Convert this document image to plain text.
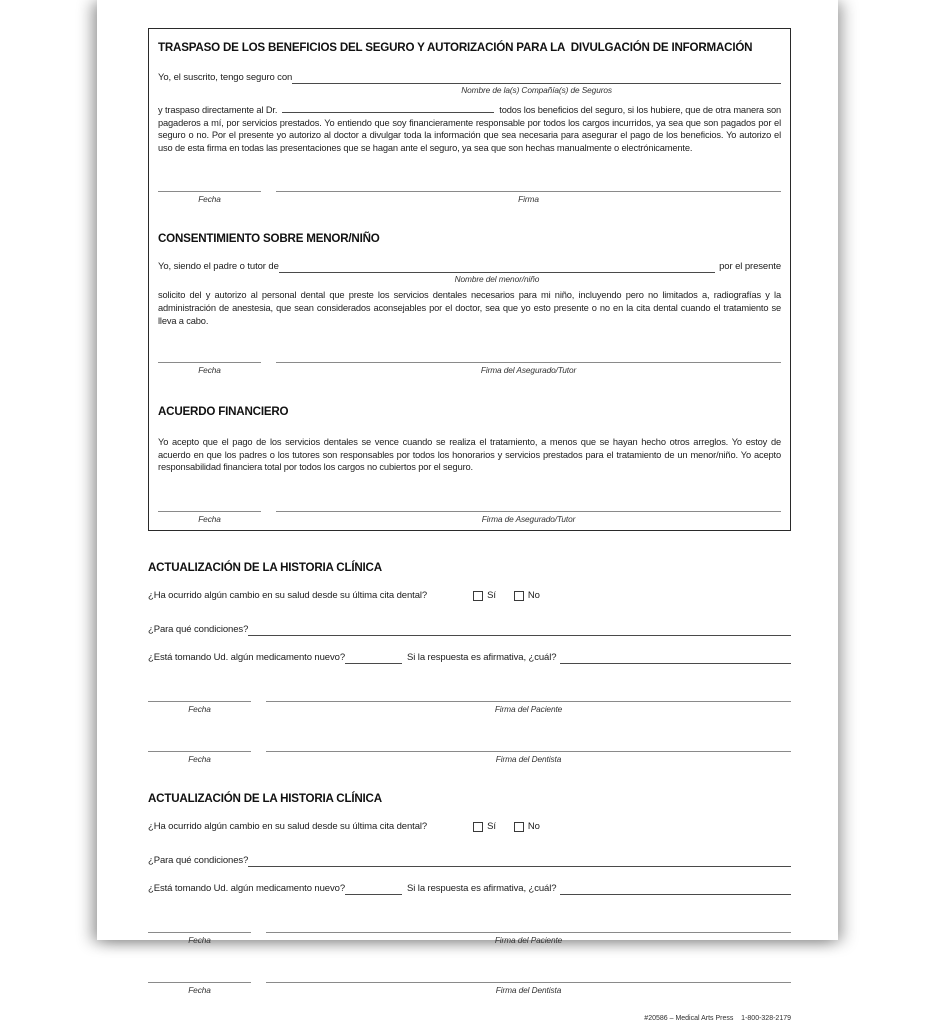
TRASPASO DE LOS BENEFICIOS DEL SEGURO Y AUTORIZACIÓN PARA LA  DIVULGACIÓN DE INFORMACIÓN
Yo, el suscrito, tengo seguro con
Nombre de la(s) Compañía(s) de Seguros

y traspaso directamente al Dr.	todos los beneficios del seguro, si los hubiere, que de otra manera son pagaderos a mí, por servicios prestados. Yo entiendo que soy financieramente responsable por todos los cargos incurridos, ya sea que son pagados por el seguro o no. Por el presente yo autorizo al doctor a divulgar toda la información que sea necesaria para asegurar el pago de los beneficios. Yo autorizo el uso de esta firma en todas las presentaciones que se hagan ante el seguro, ya sea que son hechas manualmente o electrónicamente.

Fecha	Firma
CONSENTIMIENTO SOBRE MENOR/NIÑO
Yo, siendo el padre o tutor de
Nombre del menor/niño
por el presente

solicito del y autorizo al personal dental que preste los servicios dentales necesarios para mi niño, incluyendo pero no limitados a, radiografías y la administración de anestesia, que sean considerados aconsejables por el doctor, sea que yo esto presente o no en la cita dental cuando el tratamiento se lleva a cabo.

Fecha	Firma del Asegurado/Tutor
ACUERDO FINANCIERO

Yo acepto que el pago de los servicios dentales se vence cuando se realiza el tratamiento, a menos que se hayan hecho otros arreglos. Yo estoy de acuerdo en que los padres o los tutores son responsables por todos los honorarios y servicios prestados para el tratamiento de un menor/niño. Yo acepto responsabilidad financiera total por todos los cargos no cubiertos por el seguro.

Fecha	Firma de Asegurado/Tutor
ACTUALIZACIÓN DE LA HISTORIA CLÍNICA
¿Ha ocurrido algún cambio en su salud desde su última cita dental?	Sí	No
¿Para qué condiciones?
¿Está tomando Ud. algún medicamento nuevo?	Si la respuesta es afirmativa, ¿cuál?
Fecha	Firma del Paciente
Fecha	Firma del Dentista
ACTUALIZACIÓN DE LA HISTORIA CLÍNICA
¿Ha ocurrido algún cambio en su salud desde su última cita dental?	Sí	No
¿Para qué condiciones?
¿Está tomando Ud. algún medicamento nuevo?	Si la respuesta es afirmativa, ¿cuál?
Fecha	Firma del Paciente
Fecha	Firma del Dentista
#20586 – Medical Arts Press    1-800-328-2179
